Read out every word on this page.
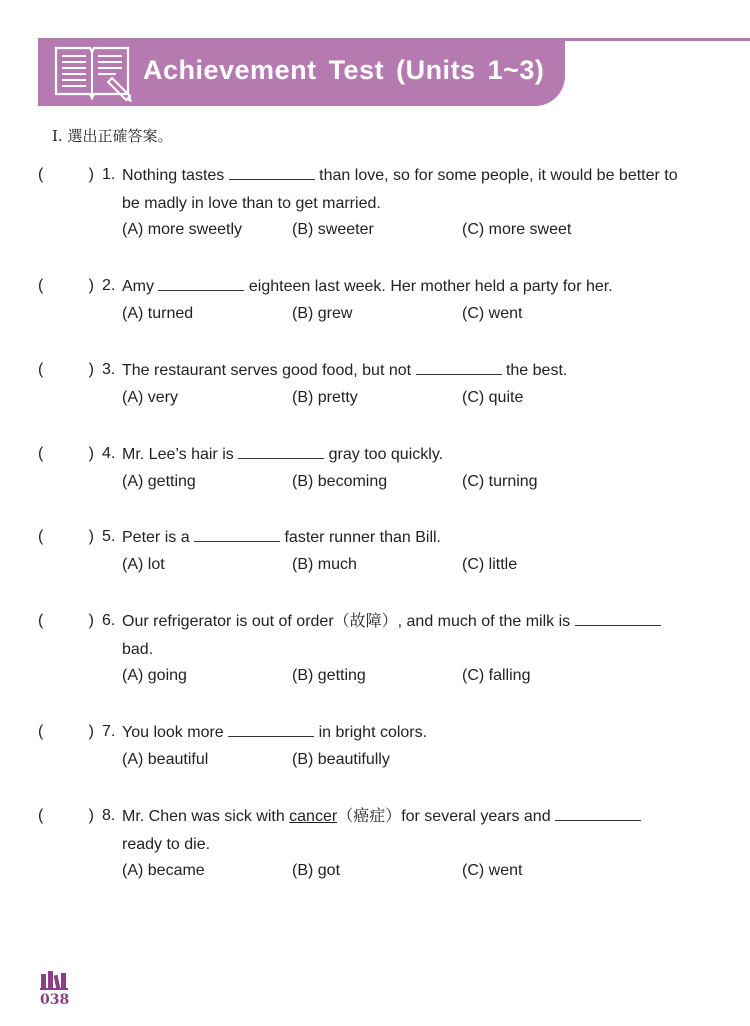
Achievement Test (Units 1~3)
I. 選出正確答案。
(	) 1. Nothing tastes	than love, so for some people, it would be better to
be madly in love than to get married.
(A) more sweetly	(B) sweeter	(C) more sweet
(	) 2. Amy	eighteen last week. Her mother held a party for her.
(A) turned	(B) grew	(C) went
(	) 3. The restaurant serves good food, but not	the best.
(A) very	(B) pretty	(C) quite
(	) 4. Mr. Lee’s hair is	gray too quickly.
(A) getting	(B) becoming	(C) turning
(	) 5. Peter is a	faster runner than Bill.
(A) lot	(B) much	(C) little
(	) 6. Our refrigerator is out of order（故障）, and much of the milk is
bad.
(A) going	(B) getting	(C) falling
(	) 7. You look more	in bright colors.
(A) beautiful	(B) beautifully
(	) 8. Mr. Chen was sick with cancer（癌症）for several years and
ready to die.
(A) became	(B) got	(C) went
038
